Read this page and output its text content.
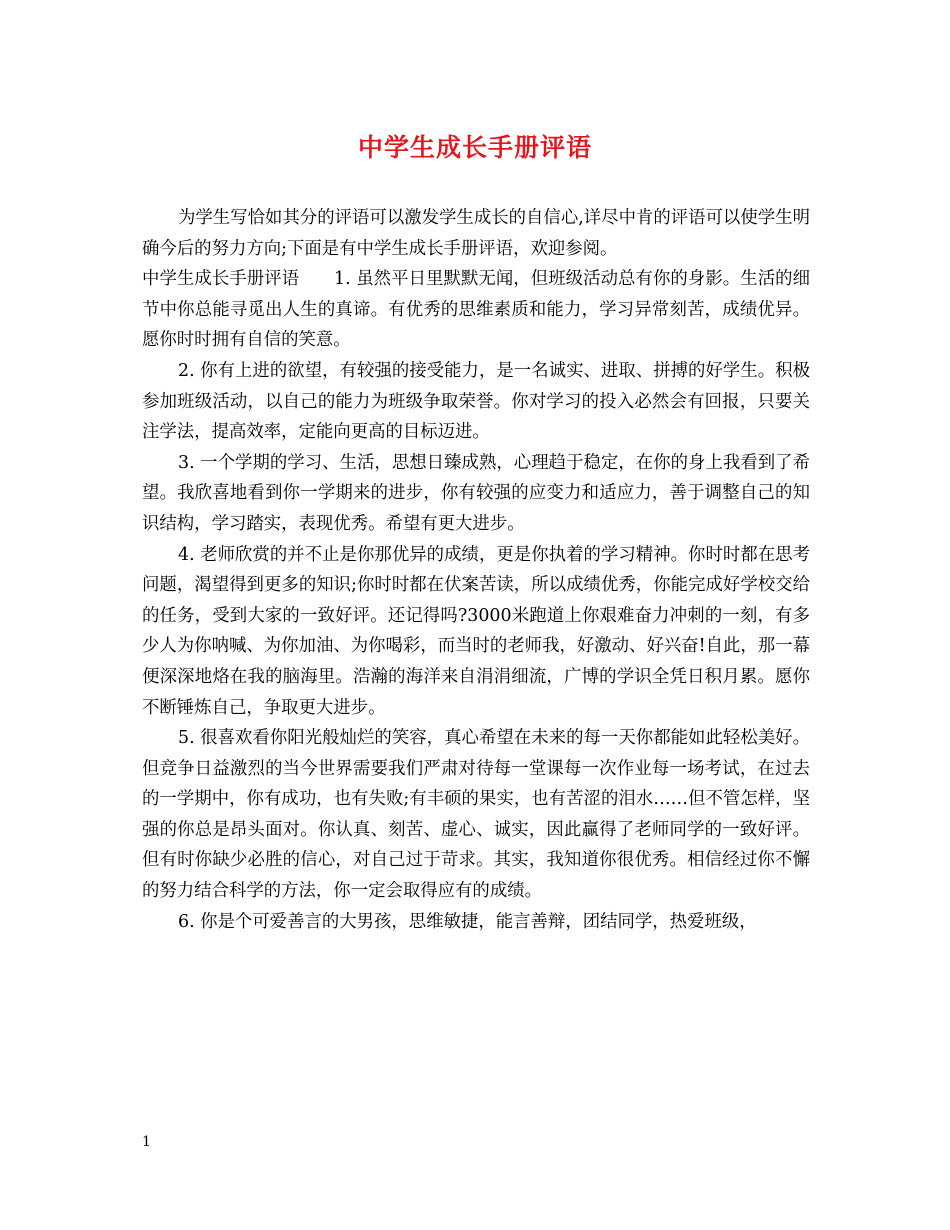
中学生成长手册评语

为学生写恰如其分的评语可以激发学生成长的自信心,详尽中肯的评语可以使学生明确今后的努力方向;下面是有中学生成长手册评语，欢迎参阅。

中学生成长手册评语　　1. 虽然平日里默默无闻，但班级活动总有你的身影。生活的细节中你总能寻觅出人生的真谛。有优秀的思维素质和能力，学习异常刻苦，成绩优异。愿你时时拥有自信的笑意。

2. 你有上进的欲望，有较强的接受能力，是一名诚实、进取、拼搏的好学生。积极参加班级活动，以自己的能力为班级争取荣誉。你对学习的投入必然会有回报，只要关注学法，提高效率，定能向更高的目标迈进。

3. 一个学期的学习、生活，思想日臻成熟，心理趋于稳定，在你的身上我看到了希望。我欣喜地看到你一学期来的进步，你有较强的应变力和适应力，善于调整自己的知识结构，学习踏实，表现优秀。希望有更大进步。

4. 老师欣赏的并不止是你那优异的成绩，更是你执着的学习精神。你时时都在思考问题，渴望得到更多的知识;你时时都在伏案苦读，所以成绩优秀，你能完成好学校交给的任务，受到大家的一致好评。还记得吗?3000米跑道上你艰难奋力冲刺的一刻，有多少人为你呐喊、为你加油、为你喝彩，而当时的老师我，好激动、好兴奋!自此，那一幕便深深地烙在我的脑海里。浩瀚的海洋来自涓涓细流，广博的学识全凭日积月累。愿你不断锤炼自己，争取更大进步。

5. 很喜欢看你阳光般灿烂的笑容，真心希望在未来的每一天你都能如此轻松美好。但竞争日益激烈的当今世界需要我们严肃对待每一堂课每一次作业每一场考试，在过去的一学期中，你有成功，也有失败;有丰硕的果实，也有苦涩的泪水……但不管怎样，坚强的你总是昂头面对。你认真、刻苦、虚心、诚实，因此赢得了老师同学的一致好评。但有时你缺少必胜的信心，对自己过于苛求。其实，我知道你很优秀。相信经过你不懈的努力结合科学的方法，你一定会取得应有的成绩。

6. 你是个可爱善言的大男孩，思维敏捷，能言善辩，团结同学，热爱班级，

1
